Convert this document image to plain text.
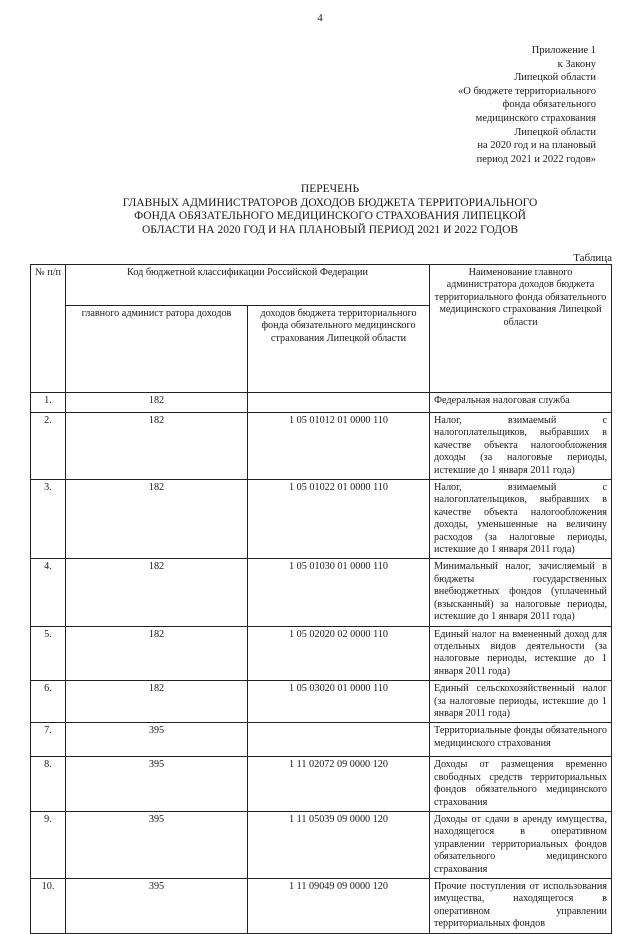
4
Приложение 1
к Закону
Липецкой области
«О бюджете территориального
фонда обязательного
медицинского страхования
Липецкой области
на 2020 год и на плановый
период 2021 и 2022 годов»
ПЕРЕЧЕНЬ
ГЛАВНЫХ АДМИНИСТРАТОРОВ ДОХОДОВ БЮДЖЕТА ТЕРРИТОРИАЛЬНОГО
ФОНДА ОБЯЗАТЕЛЬНОГО МЕДИЦИНСКОГО СТРАХОВАНИЯ ЛИПЕЦКОЙ
ОБЛАСТИ НА 2020 ГОД И НА ПЛАНОВЫЙ ПЕРИОД 2021 И 2022 ГОДОВ
Таблица
№ п/п	Код бюджетной классификации Российской Федерации		Наименование главного администратора доходов бюджета территориального фонда обязательного медицинского страхования Липецкой области
	главного админист ратора доходов	доходов бюджета территориального фонда обязательного медицинского страхования Липецкой области	
1.	182		Федеральная налоговая служба
2.	182	1 05 01012 01 0000 110	Налог, взимаемый с налогоплательщиков, выбравших в качестве объекта налогообложения доходы (за налоговые периоды, истекшие до 1 января 2011 года)
3.	182	1 05 01022 01 0000 110	Налог, взимаемый с налогоплательщиков, выбравших в качестве объекта налогообложения доходы, уменьшенные на величину расходов (за налоговые периоды, истекшие до 1 января 2011 года)
4.	182	1 05 01030 01 0000 110	Минимальный налог, зачисляемый в бюджеты государственных внебюджетных фондов (уплаченный (взысканный) за налоговые периоды, истекшие до 1 января 2011 года)
5.	182	1 05 02020 02 0000 110	Единый налог на вмененный доход для отдельных видов деятельности (за налоговые периоды, истекшие до 1 января 2011 года)
6.	182	1 05 03020 01 0000 110	Единый сельскохозяйственный налог (за налоговые периоды, истекшие до 1 января 2011 года)
7.	395		Территориальные фонды обязательного медицинского страхования
8.	395	1 11 02072 09 0000 120	Доходы от размещения временно свободных средств территориальных фондов обязательного медицинского страхования
9.	395	1 11 05039 09 0000 120	Доходы от сдачи в аренду имущества, находящегося в оперативном управлении территориальных фондов обязательного медицинского страхования
10.	395	1 11 09049 09 0000 120	Прочие поступления от использования имущества, находящегося в оперативном управлении территориальных фондов
